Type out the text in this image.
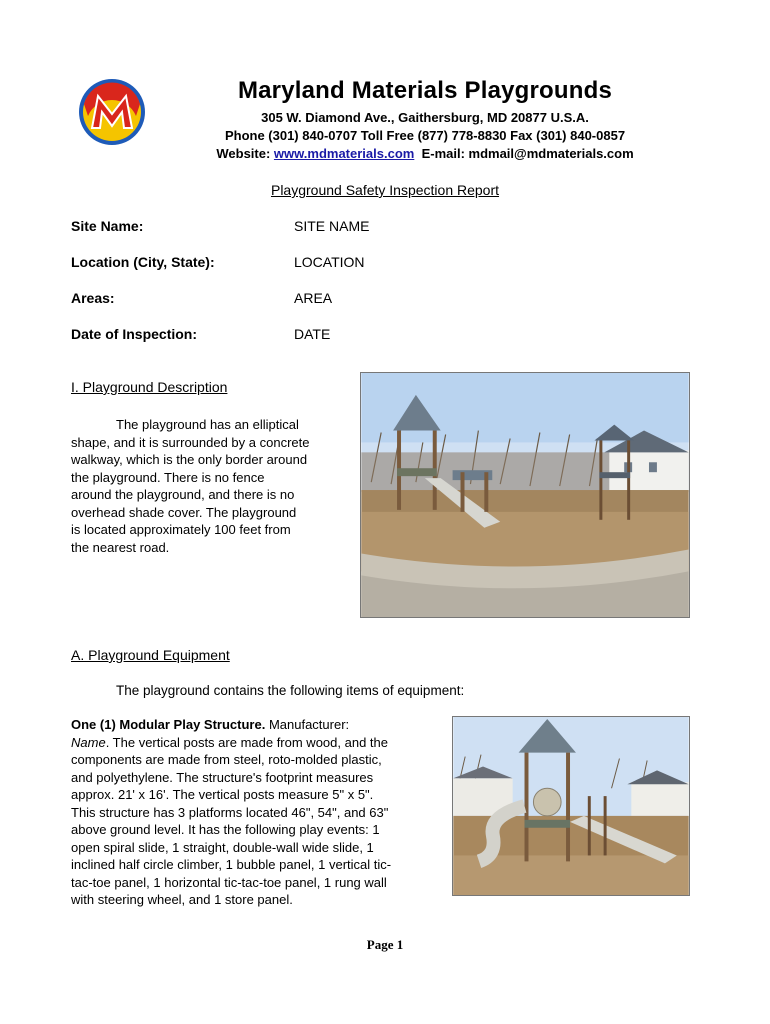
Maryland Materials Playgrounds
305 W. Diamond Ave., Gaithersburg, MD 20877 U.S.A.
Phone (301) 840-0707 Toll Free (877) 778-8830 Fax (301) 840-0857
Website: www.mdmaterials.com E-mail: mdmail@mdmaterials.com
Playground Safety Inspection Report
Site Name:	SITE NAME
Location (City, State):	LOCATION
Areas:	AREA
Date of Inspection:	DATE
I. Playground Description
The playground has an elliptical
shape, and it is surrounded by a concrete
walkway, which is the only border around
the playground. There is no fence
around the playground, and there is no
overhead shade cover. The playground
is located approximately 100 feet from
the nearest road.
A. Playground Equipment
The playground contains the following items of equipment:
One (1) Modular Play Structure. Manufacturer:
Name. The vertical posts are made from wood, and the
components are made from steel, roto-molded plastic,
and polyethylene. The structure's footprint measures
approx. 21' x 16'. The vertical posts measure 5" x 5".
This structure has 3 platforms located 46", 54", and 63"
above ground level. It has the following play events: 1
open spiral slide, 1 straight, double-wall wide slide, 1
inclined half circle climber, 1 bubble panel, 1 vertical tic-
tac-toe panel, 1 horizontal tic-tac-toe panel, 1 rung wall
with steering wheel, and 1 store panel.
Page 1
